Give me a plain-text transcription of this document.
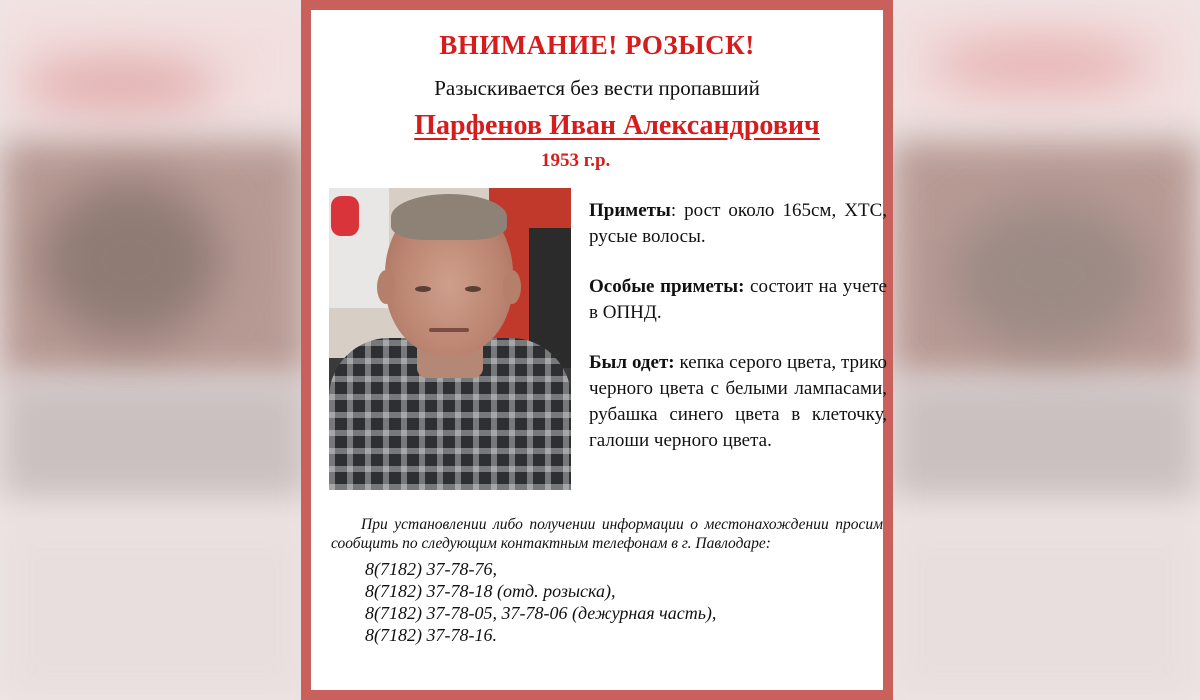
ВНИМАНИЕ! РОЗЫСК!
Разыскивается без вести пропавший
Парфенов Иван Александрович
1953 г.р.

Приметы: рост около 165см, ХТС, русые волосы.

Особые приметы: состоит на учете в ОПНД.

Был одет: кепка серого цвета, трико черного цвета с белыми лампасами, рубашка синего цвета в клеточку, галоши черного цвета.

При установлении либо получении информации о местонахождении просим сообщить по следующим контактным телефонам в г. Павлодаре:
8(7182) 37-78-76,
8(7182) 37-78-18 (отд. розыска),
8(7182) 37-78-05, 37-78-06 (дежурная часть),
8(7182) 37-78-16.
